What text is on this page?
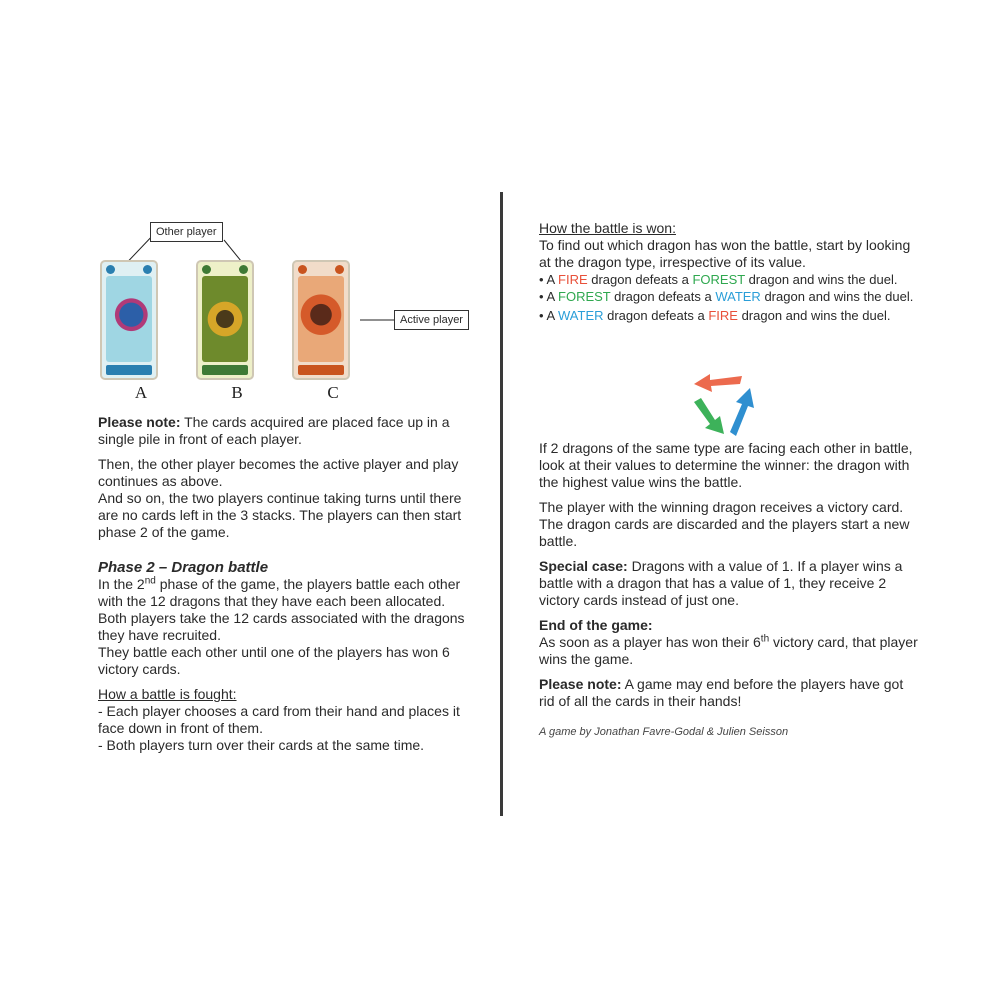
Other player
Active player
A	B	C

Please note: The cards acquired are placed face up in a single pile in front of each player.

Then, the other player becomes the active player and play continues as above.

And so on, the two players continue taking turns until there are no cards left in the 3 stacks. The players can then start phase 2 of the game.

Phase 2 – Dragon battle

In the 2nd phase of the game, the players battle each other with the 12 dragons that they have each been allocated.

Both players take the 12 cards associated with the dragons they have recruited.

They battle each other until one of the players has won 6 victory cards.

How a battle is fought:

- Each player chooses a card from their hand and places it face down in front of them.

- Both players turn over their cards at the same time.

How the battle is won:

To find out which dragon has won the battle, start by looking at the dragon type, irrespective of its value.

• A FIRE dragon defeats a FOREST dragon and wins the duel.

• A FOREST dragon defeats a WATER dragon and wins the duel.

• A WATER dragon defeats a FIRE dragon and wins the duel.

If 2 dragons of the same type are facing each other in battle, look at their values to determine the winner: the dragon with the highest value wins the battle.

The player with the winning dragon receives a victory card.

The dragon cards are discarded and the players start a new battle.

Special case: Dragons with a value of 1. If a player wins a battle with a dragon that has a value of 1, they receive 2 victory cards instead of just one.

End of the game:

As soon as a player has won their 6th victory card, that player wins the game.

Please note: A game may end before the players have got rid of all the cards in their hands!

A game by Jonathan Favre-Godal & Julien Seisson
